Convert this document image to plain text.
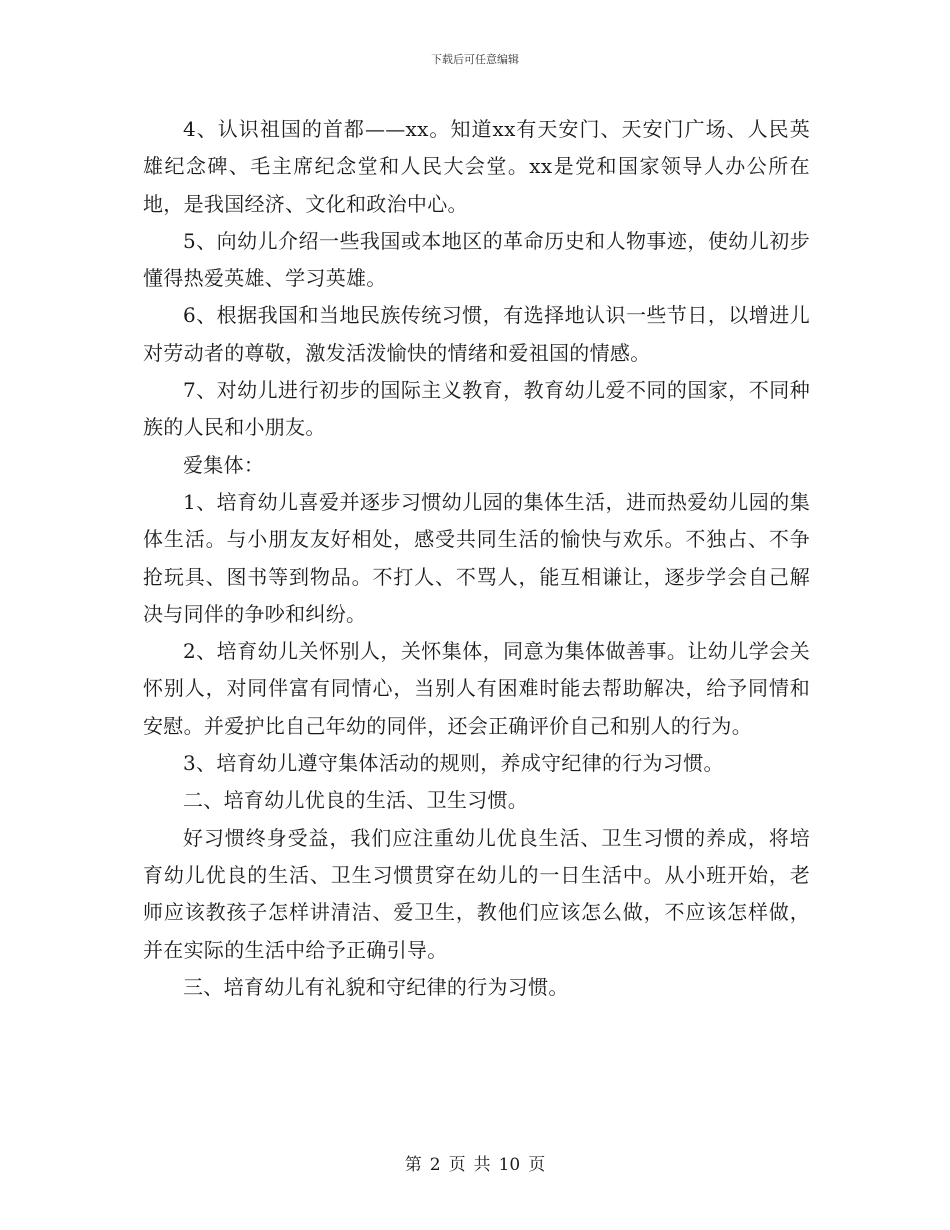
下载后可任意编辑

4、认识祖国的首都——xx。知道xx有天安门、天安门广场、人民英雄纪念碑、毛主席纪念堂和人民大会堂。xx是党和国家领导人办公所在地，是我国经济、文化和政治中心。

5、向幼儿介绍一些我国或本地区的革命历史和人物事迹，使幼儿初步懂得热爱英雄、学习英雄。

6、根据我国和当地民族传统习惯，有选择地认识一些节日，以增进儿对劳动者的尊敬，激发活泼愉快的情绪和爱祖国的情感。

7、对幼儿进行初步的国际主义教育，教育幼儿爱不同的国家，不同种族的人民和小朋友。

爱集体：

1、培育幼儿喜爱并逐步习惯幼儿园的集体生活，进而热爱幼儿园的集体生活。与小朋友友好相处，感受共同生活的愉快与欢乐。不独占、不争抢玩具、图书等到物品。不打人、不骂人，能互相谦让，逐步学会自己解决与同伴的争吵和纠纷。

2、培育幼儿关怀别人，关怀集体，同意为集体做善事。让幼儿学会关怀别人，对同伴富有同情心，当别人有困难时能去帮助解决，给予同情和安慰。并爱护比自己年幼的同伴，还会正确评价自己和别人的行为。

3、培育幼儿遵守集体活动的规则，养成守纪律的行为习惯。

二、培育幼儿优良的生活、卫生习惯。

好习惯终身受益，我们应注重幼儿优良生活、卫生习惯的养成，将培育幼儿优良的生活、卫生习惯贯穿在幼儿的一日生活中。从小班开始，老师应该教孩子怎样讲清洁、爱卫生，教他们应该怎么做，不应该怎样做，并在实际的生活中给予正确引导。

三、培育幼儿有礼貌和守纪律的行为习惯。

第 2 页 共 10 页
